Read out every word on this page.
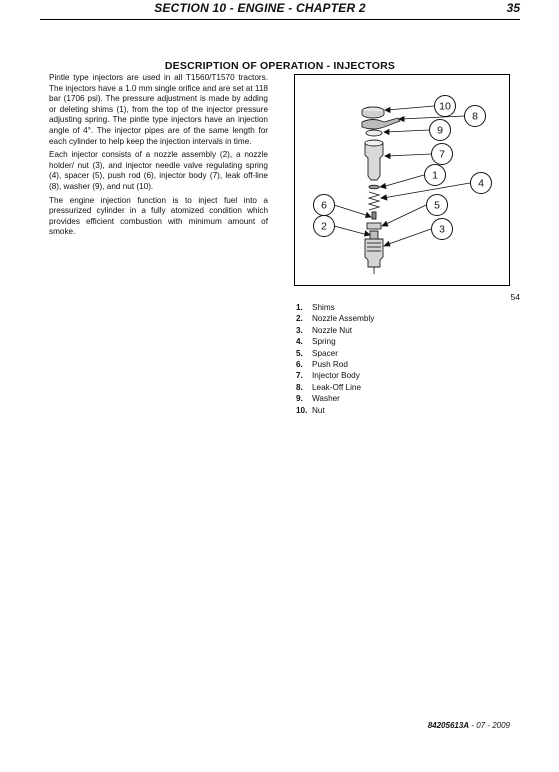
SECTION 10 - ENGINE - CHAPTER 2	35
DESCRIPTION OF OPERATION - INJECTORS

Pintle type injectors are used in all T1560/T1570 tractors. The injectors have a 1.0 mm single orifice and are set at 118 bar (1706 psi). The pressure adjustment is made by adding or deleting shims (1), from the top of the injector pressure adjusting spring. The pintle type injectors have an injection angle of 4°. The injector pipes are of the same length for each cylinder to help keep the injection intervals in time.

Each injector consists of a nozzle assembly (2), a nozzle holder/ nut (3), and injector needle valve regulating spring (4), spacer (5), push rod (6), injector body (7), leak off-line (8), washer (9), and nut (10).

The engine injection function is to inject fuel into a pressurized cylinder in a fully atomized condition which provides efficient combustion with minimum amount of smoke.

10
8
9
7
1
4
5
6
2	3
54
1. Shims
2. Nozzle Assembly
3. Nozzle Nut
4. Spring
5. Spacer
6. Push Rod
7. Injector Body
8. Leak-Off Line
9. Washer
10. Nut
84205613A - 07 - 2009
